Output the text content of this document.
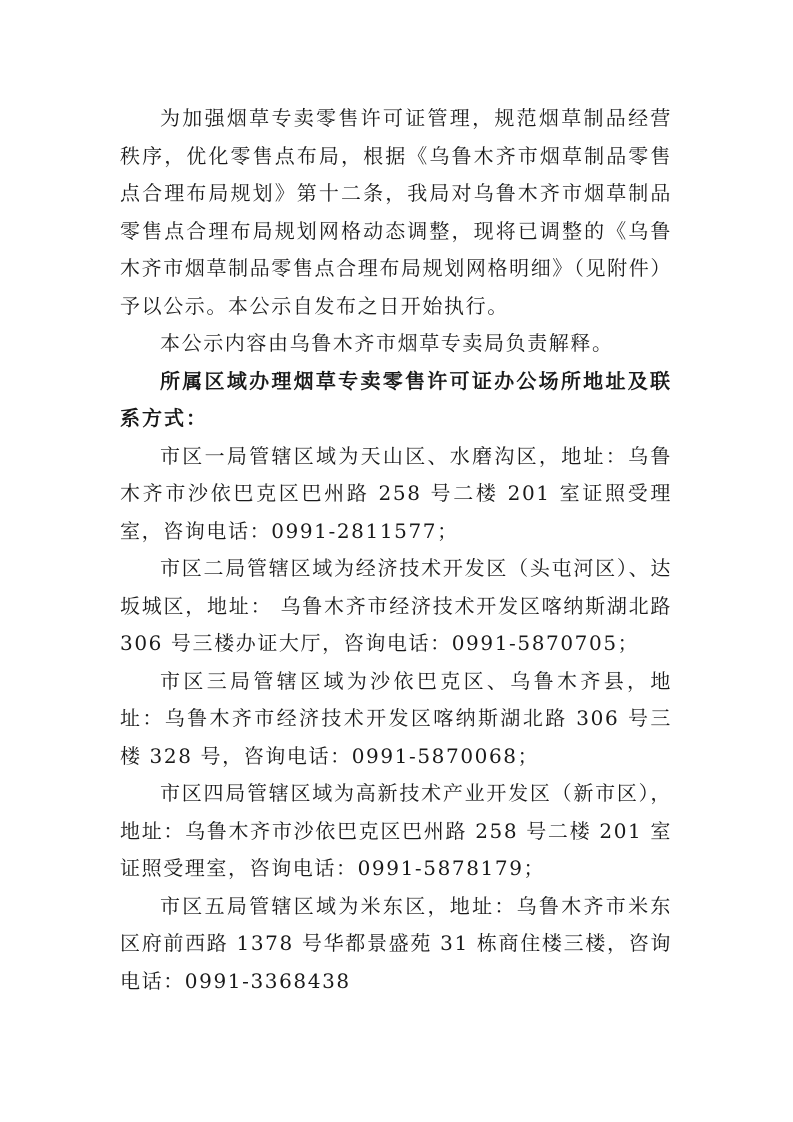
为加强烟草专卖零售许可证管理，规范烟草制品经营秩序，优化零售点布局，根据《乌鲁木齐市烟草制品零售点合理布局规划》第十二条，我局对乌鲁木齐市烟草制品零售点合理布局规划网格动态调整，现将已调整的《乌鲁木齐市烟草制品零售点合理布局规划网格明细》（见附件）予以公示。本公示自发布之日开始执行。

本公示内容由乌鲁木齐市烟草专卖局负责解释。

所属区域办理烟草专卖零售许可证办公场所地址及联系方式：

市区一局管辖区域为天山区、水磨沟区，地址：乌鲁木齐市沙依巴克区巴州路 258 号二楼 201 室证照受理室，咨询电话：0991-2811577；

市区二局管辖区域为经济技术开发区（头屯河区）、达坂城区，地址： 乌鲁木齐市经济技术开发区喀纳斯湖北路 306 号三楼办证大厅，咨询电话：0991-5870705；

市区三局管辖区域为沙依巴克区、乌鲁木齐县，地址：乌鲁木齐市经济技术开发区喀纳斯湖北路 306 号三楼 328 号，咨询电话：0991-5870068；

市区四局管辖区域为高新技术产业开发区（新市区），地址：乌鲁木齐市沙依巴克区巴州路 258 号二楼 201 室证照受理室，咨询电话：0991-5878179；

市区五局管辖区域为米东区，地址：乌鲁木齐市米东区府前西路 1378 号华都景盛苑 31 栋商住楼三楼，咨询电话：0991-3368438
